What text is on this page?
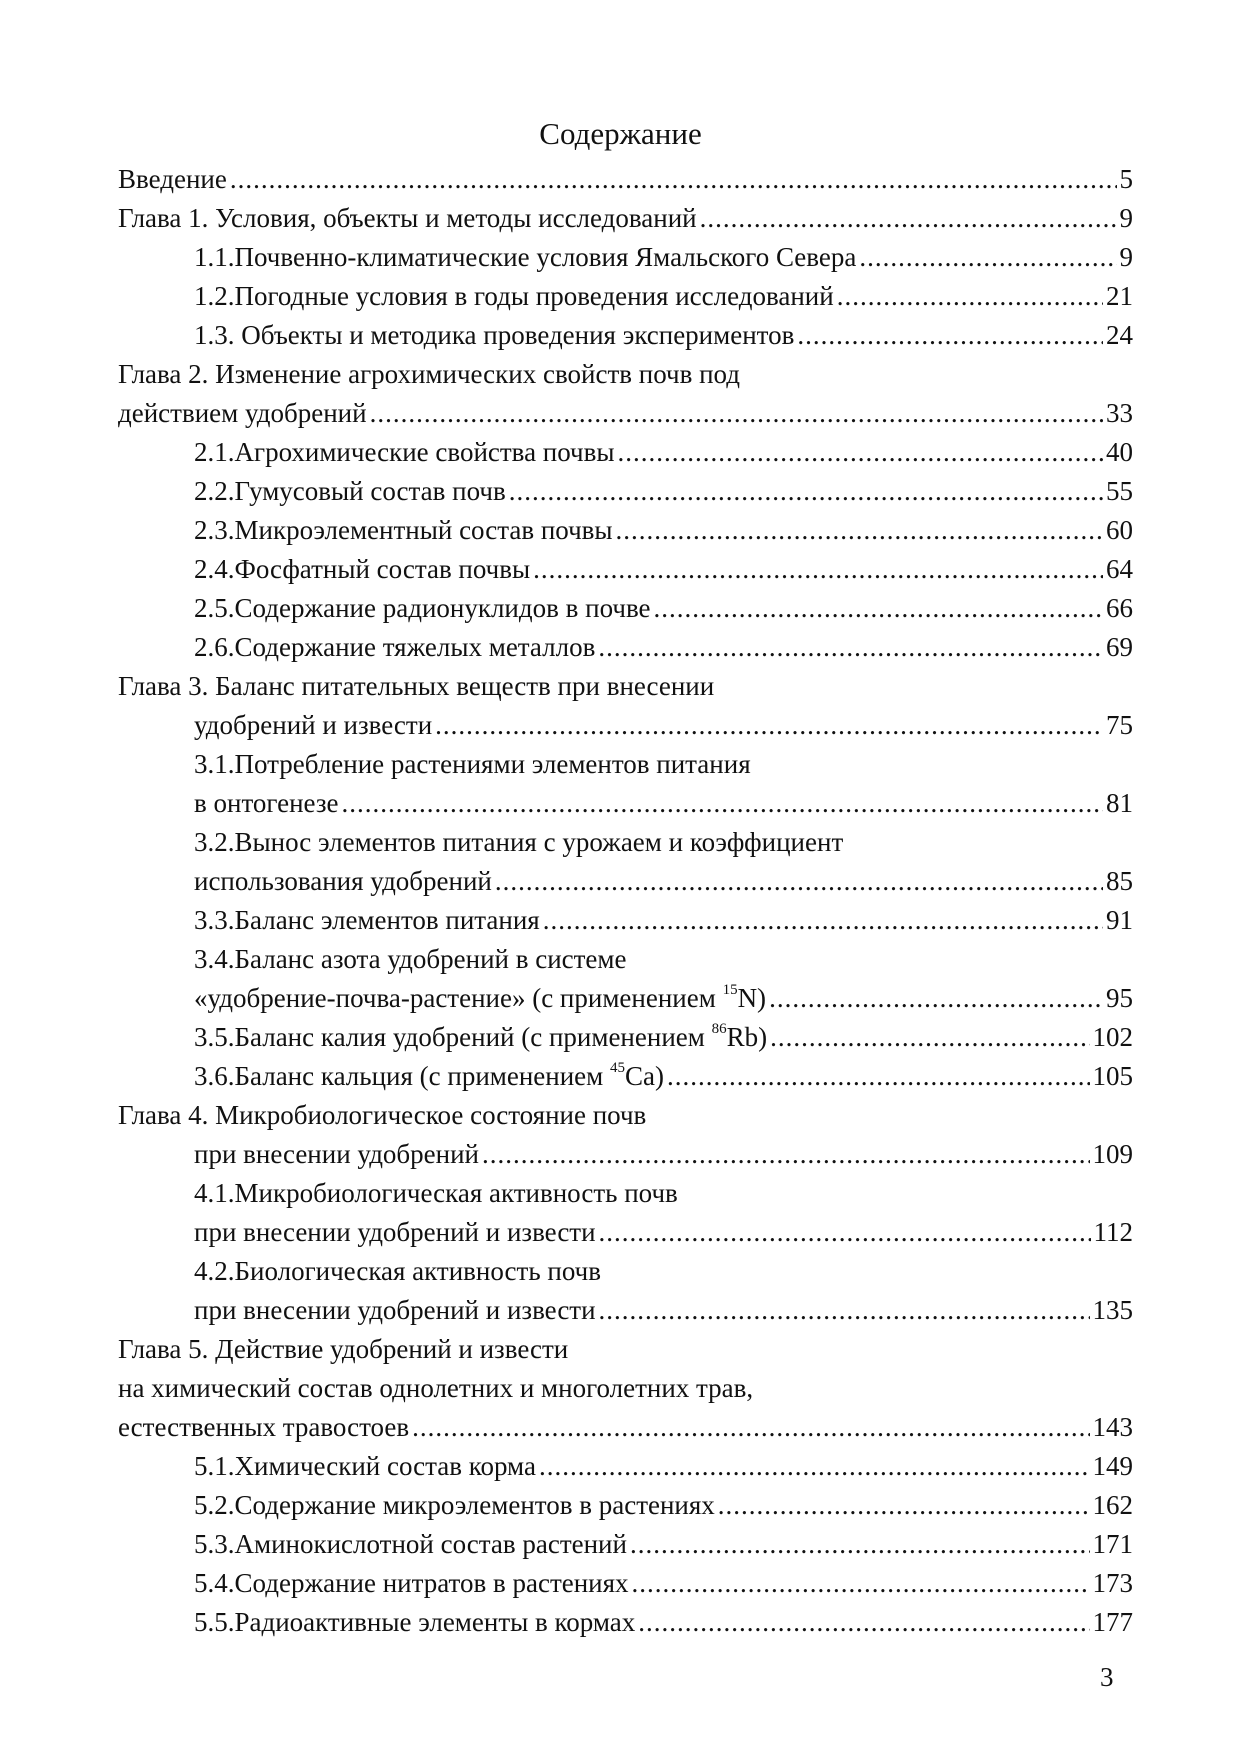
Содержание
Введение .....	5
Глава 1. Условия, объекты и методы исследований .....	9
1.1.Почвенно-климатические условия Ямальского Севера .....	9
1.2.Погодные условия в годы проведения исследований .....	21
1.3. Объекты и методика проведения экспериментов .....	24
Глава 2. Изменение агрохимических свойств почв под
действием удобрений .....	33
2.1.Агрохимические свойства почвы .....	40
2.2.Гумусовый состав почв .....	55
2.3.Микроэлементный состав почвы .....	60
2.4.Фосфатный состав почвы .....	64
2.5.Содержание радионуклидов в почве .....	66
2.6.Содержание тяжелых металлов .....	69
Глава 3. Баланс питательных веществ при внесении
удобрений и извести .....	75
3.1.Потребление растениями элементов питания
в онтогенезе .....	81
3.2.Вынос элементов питания с урожаем и коэффициент
использования удобрений .....	85
3.3.Баланс элементов питания .....	91
3.4.Баланс азота удобрений в системе
«удобрение-почва-растение» (с применением $^{15}$N) .....	95
3.5.Баланс калия удобрений (с применением $^{86}$Rb) .....	102
3.6.Баланс кальция (с применением $^{45}$Ca) .....	105
Глава 4. Микробиологическое состояние почв
при внесении удобрений .....	109
4.1.Микробиологическая активность почв
при внесении удобрений и извести .....	112
4.2.Биологическая активность почв
при внесении удобрений и извести .....	135
Глава 5. Действие удобрений и извести
на химический состав однолетних и многолетних трав,
естественных травостоев .....	143
5.1.Химический состав корма .....	149
5.2.Содержание микроэлементов в растениях .....	162
5.3.Аминокислотной состав растений .....	171
5.4.Содержание нитратов в растениях .....	173
5.5.Радиоактивные элементы в кормах .....	177
3
